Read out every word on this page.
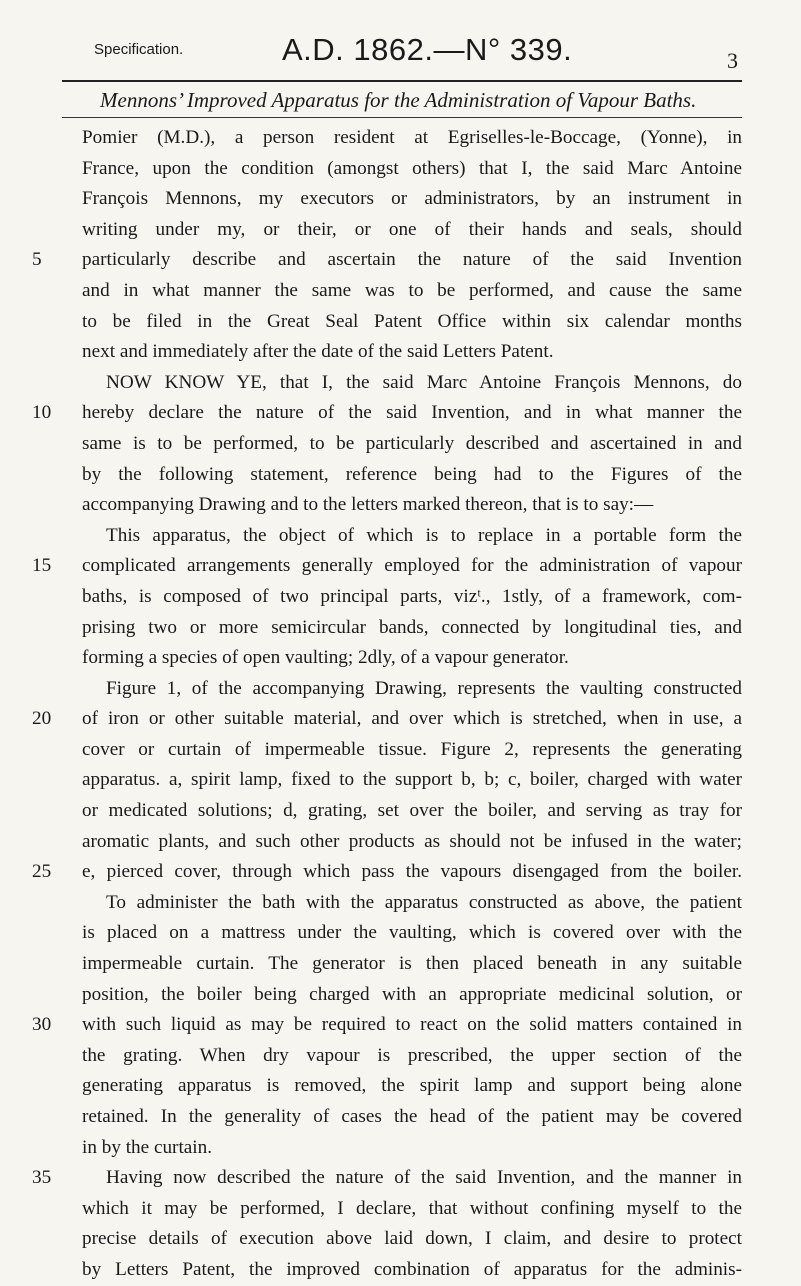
Specification.	A.D. 1862.—N° 339.	3
Mennons’ Improved Apparatus for the Administration of Vapour Baths.
Pomier (M.D.), a person resident at Egriselles-le-Boccage, (Yonne), in
France, upon the condition (amongst others) that I, the said Marc Antoine
François Mennons, my executors or administrators, by an instrument in
writing under my, or their, or one of their hands and seals, should
5	particularly describe and ascertain the nature of the said Invention
and in what manner the same was to be performed, and cause the same
to be filed in the Great Seal Patent Office within six calendar months
next and immediately after the date of the said Letters Patent.
NOW KNOW YE, that I, the said Marc Antoine François Mennons, do
10	hereby declare the nature of the said Invention, and in what manner the
same is to be performed, to be particularly described and ascertained in and
by the following statement, reference being had to the Figures of the
accompanying Drawing and to the letters marked thereon, that is to say:—
This apparatus, the object of which is to replace in a portable form the
15	complicated arrangements generally employed for the administration of vapour
baths, is composed of two principal parts, vizᵗ., 1stly, of a framework, com-
prising two or more semicircular bands, connected by longitudinal ties, and
forming a species of open vaulting; 2dly, of a vapour generator.
Figure 1, of the accompanying Drawing, represents the vaulting constructed
20	of iron or other suitable material, and over which is stretched, when in use, a
cover or curtain of impermeable tissue. Figure 2, represents the generating
apparatus. a, spirit lamp, fixed to the support b, b; c, boiler, charged with water
or medicated solutions; d, grating, set over the boiler, and serving as tray for
aromatic plants, and such other products as should not be infused in the water;
25	e, pierced cover, through which pass the vapours disengaged from the boiler.
To administer the bath with the apparatus constructed as above, the patient
is placed on a mattress under the vaulting, which is covered over with the
impermeable curtain. The generator is then placed beneath in any suitable
position, the boiler being charged with an appropriate medicinal solution, or
30	with such liquid as may be required to react on the solid matters contained in
the grating. When dry vapour is prescribed, the upper section of the
generating apparatus is removed, the spirit lamp and support being alone
retained. In the generality of cases the head of the patient may be covered
in by the curtain.
35	Having now described the nature of the said Invention, and the manner in
which it may be performed, I declare, that without confining myself to the
precise details of execution above laid down, I claim, and desire to protect
by Letters Patent, the improved combination of apparatus for the adminis-
